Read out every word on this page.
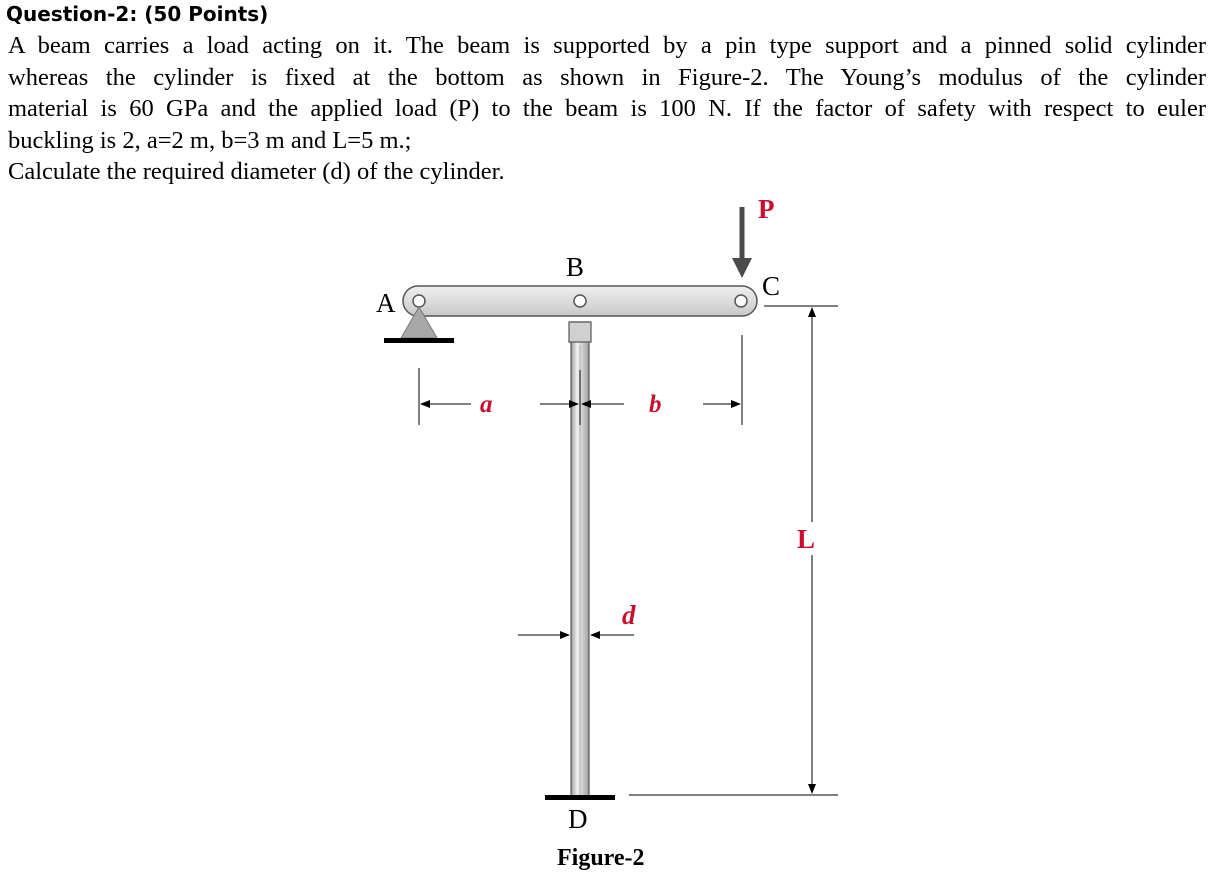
Question-2: (50 Points)
A beam carries a load acting on it. The beam is supported by a pin type support and a pinned solid cylinder
whereas the cylinder is fixed at the bottom as shown in Figure-2. The Young’s modulus of the cylinder
material is 60 GPa and the applied load (P) to the beam is 100 N. If the factor of safety with respect to euler
buckling is 2, a=2 m, b=3 m and L=5 m.;
Calculate the required diameter (d) of the cylinder.
P
A
B
C
D
a	b
L
d
Figure-2
